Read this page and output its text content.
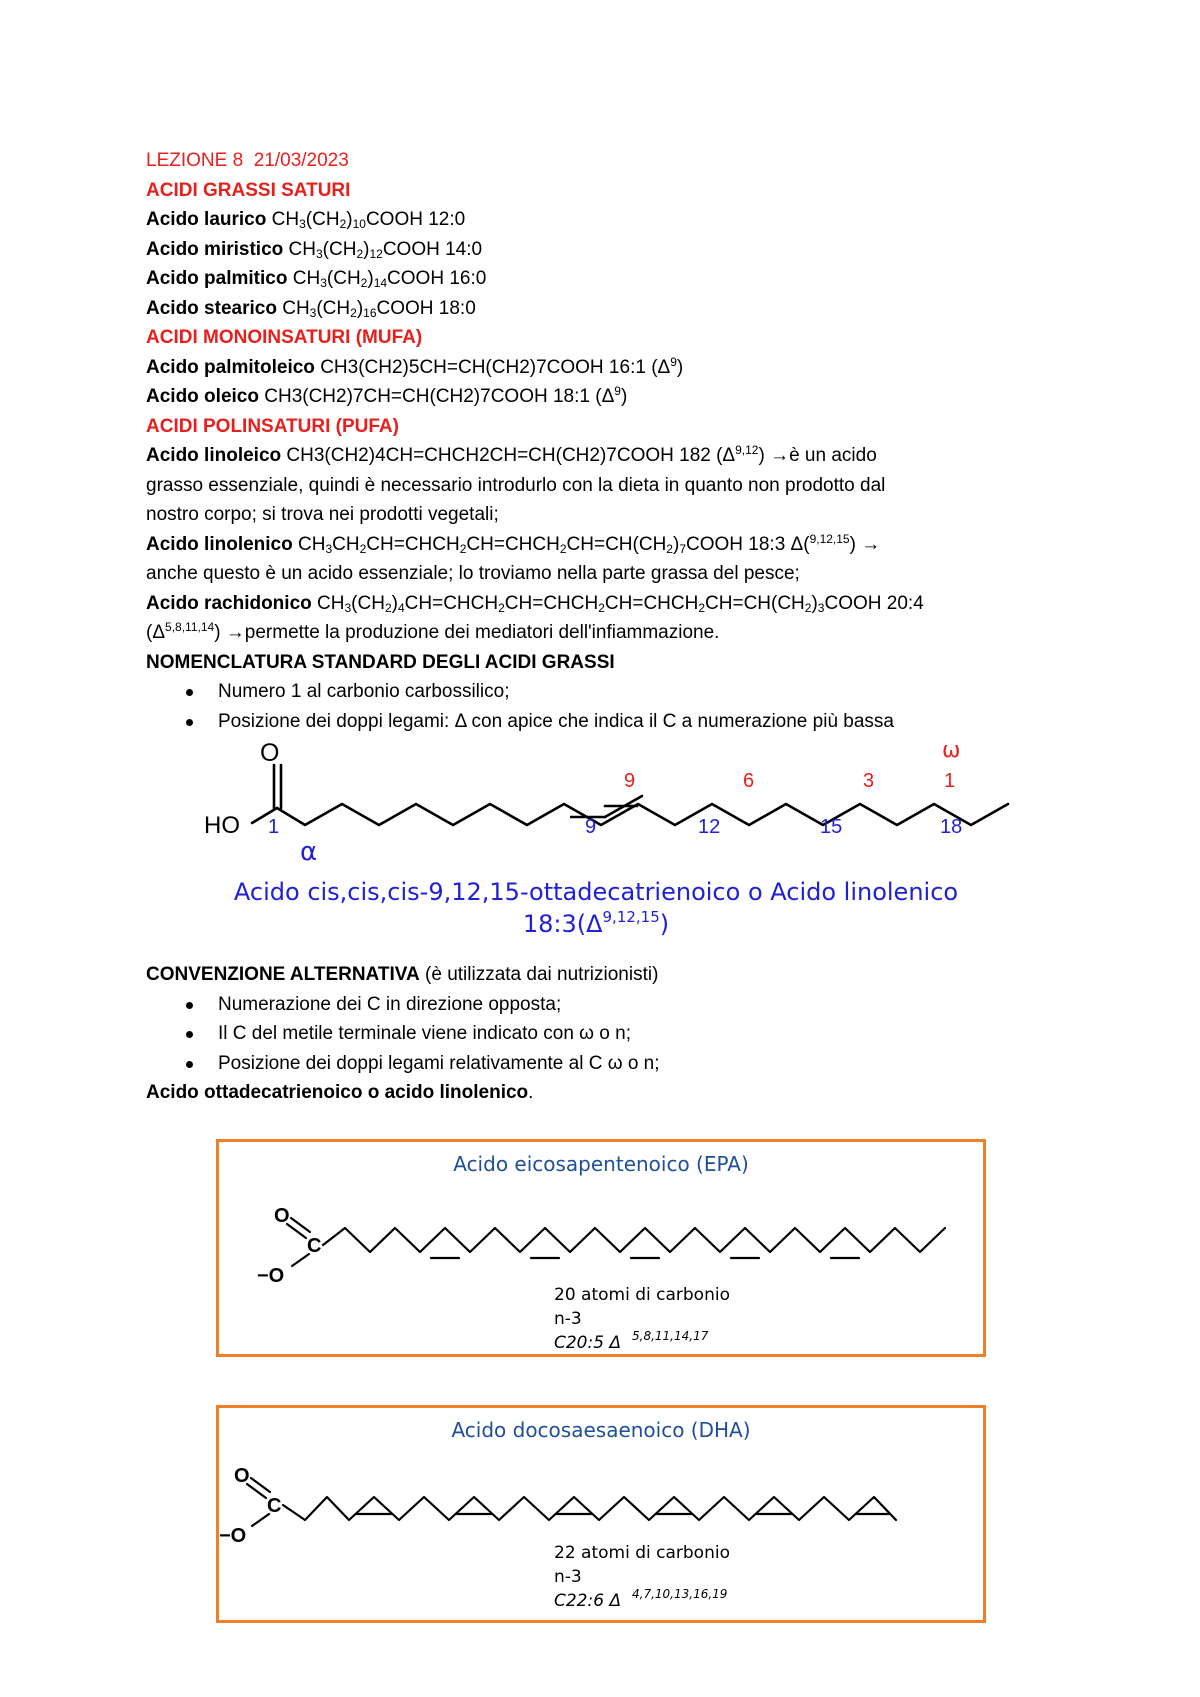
LEZIONE 8 21/03/2023
ACIDI GRASSI SATURI
Acido laurico $CH_3(CH_2)_{10}COOH$ 12:0
Acido miristico $CH_3(CH_2)_{12}COOH$ 14:0
Acido palmitico $CH_3(CH_2)_{14}COOH$ 16:0
Acido stearico $CH_3(CH_2)_{16}COOH$ 18:0
ACIDI MONOINSATURI (MUFA)
Acido palmitoleico CH3(CH2)5CH=CH(CH2)7COOH 16:1 $(\Delta^9)$
Acido oleico CH3(CH2)7CH=CH(CH2)7COOH 18:1 $(\Delta^9)$
ACIDI POLINSATURI (PUFA)
Acido linoleico CH3(CH2)4CH=CHCH2CH=CH(CH2)7COOH 182 $(\Delta^{9,12})$ →è un acido
grasso essenziale, quindi è necessario introdurlo con la dieta in quanto non prodotto dal
nostro corpo; si trova nei prodotti vegetali;
Acido linolenico $CH_3CH_2CH=CHCH_2CH=CHCH_2CH=CH(CH_2)_7COOH$ 18:3 Δ($^{9,12,15}$) →
anche questo è un acido essenziale; lo troviamo nella parte grassa del pesce;
Acido rachidonico $CH_3(CH_2)_4CH=CHCH_2CH=CHCH_2CH=CHCH_2CH=CH(CH_2)_3COOH$ 20:4
$(\Delta^{5,8,11,14})$ →permette la produzione dei mediatori dell'infiammazione.
NOMENCLATURA STANDARD DEGLI ACIDI GRASSI
Numero 1 al carbonio carbossilico;
Posizione dei doppi legami: Δ con apice che indica il C a numerazione più bassa
O
HO 1
α
9	12	15	18
9	6	3	1
ω
Acido cis,cis,cis-9,12,15-ottadecatrienoico o Acido linolenico
$18:3(\Delta^{9,12,15})$
CONVENZIONE ALTERNATIVA (è utilizzata dai nutrizionisti)
Numerazione dei C in direzione opposta;
Il C del metile terminale viene indicato con ω o n;
Posizione dei doppi legami relativamente al C ω o n;
Acido ottadecatrienoico o acido linolenico.
Acido eicosapentenoico (EPA)
O
C
−O
20 atomi di carbonio
n-3
C20:5 Δ 5,8,11,14,17
Acido docosaesaenoico (DHA)
O
C
−O
22 atomi di carbonio
n-3
C22:6 Δ 4,7,10,13,16,19
